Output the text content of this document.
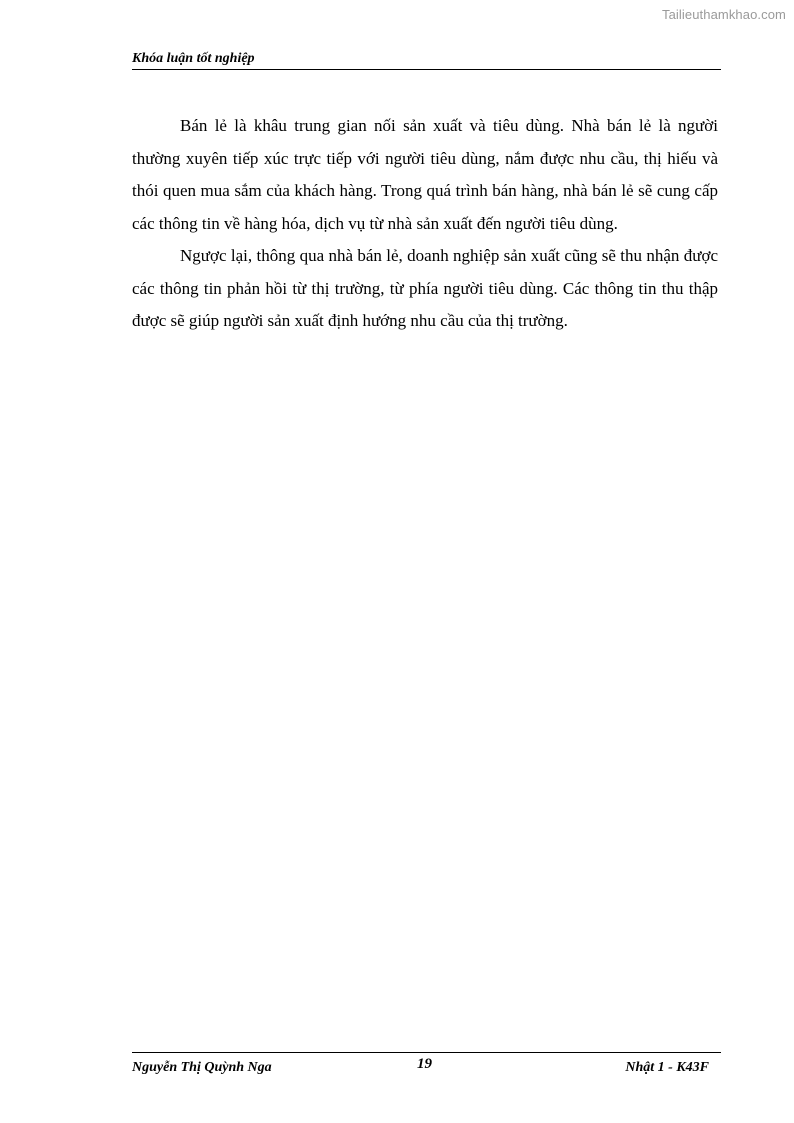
Tailieuthamkhao.com
Khóa luận tốt nghiệp

Bán lẻ là khâu trung gian nối sản xuất và tiêu dùng. Nhà bán lẻ là người thường xuyên tiếp xúc trực tiếp với người tiêu dùng, nắm được nhu cầu, thị hiếu và thói quen mua sắm của khách hàng. Trong quá trình bán hàng, nhà bán lẻ sẽ cung cấp các thông tin về hàng hóa, dịch vụ từ nhà sản xuất đến người tiêu dùng.

Ngược lại, thông qua nhà bán lẻ, doanh nghiệp sản xuất cũng sẽ thu nhận được các thông tin phản hồi từ thị trường, từ phía người tiêu dùng. Các thông tin thu thập được sẽ giúp người sản xuất định hướng nhu cầu của thị trường.

Nguyễn Thị Quỳnh Nga	19	Nhật 1 - K43F
